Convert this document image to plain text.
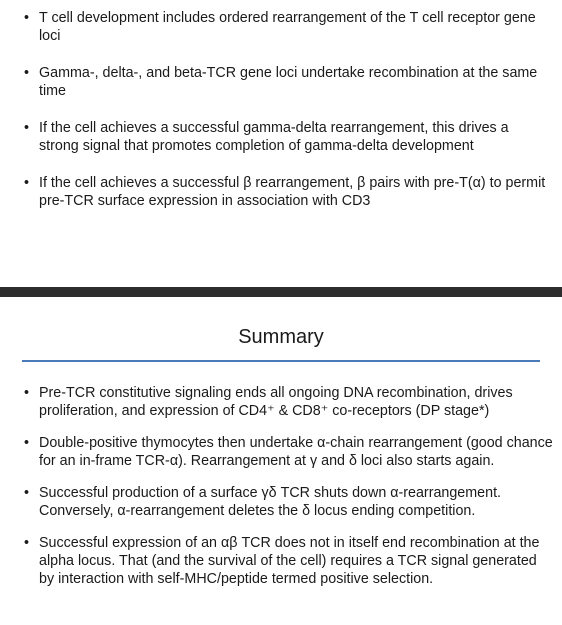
• T cell development includes ordered rearrangement of the T cell receptor gene loci
• Gamma-, delta-, and beta-TCR gene loci undertake recombination at the same time
• If the cell achieves a successful gamma-delta rearrangement, this drives a strong signal that promotes completion of gamma-delta development
• If the cell achieves a successful β rearrangement, β pairs with pre-T(α) to permit pre-TCR surface expression in association with CD3
Summary
• Pre-TCR constitutive signaling ends all ongoing DNA recombination, drives proliferation, and expression of CD4⁺ & CD8⁺ co-receptors (DP stage*)
• Double-positive thymocytes then undertake α-chain rearrangement (good chance for an in-frame TCR-α). Rearrangement at γ and δ loci also starts again.
• Successful production of a surface γδ TCR shuts down α-rearrangement. Conversely, α-rearrangement deletes the δ locus ending competition.
• Successful expression of an αβ TCR does not in itself end recombination at the alpha locus. That (and the survival of the cell) requires a TCR signal generated by interaction with self-MHC/peptide termed positive selection.
